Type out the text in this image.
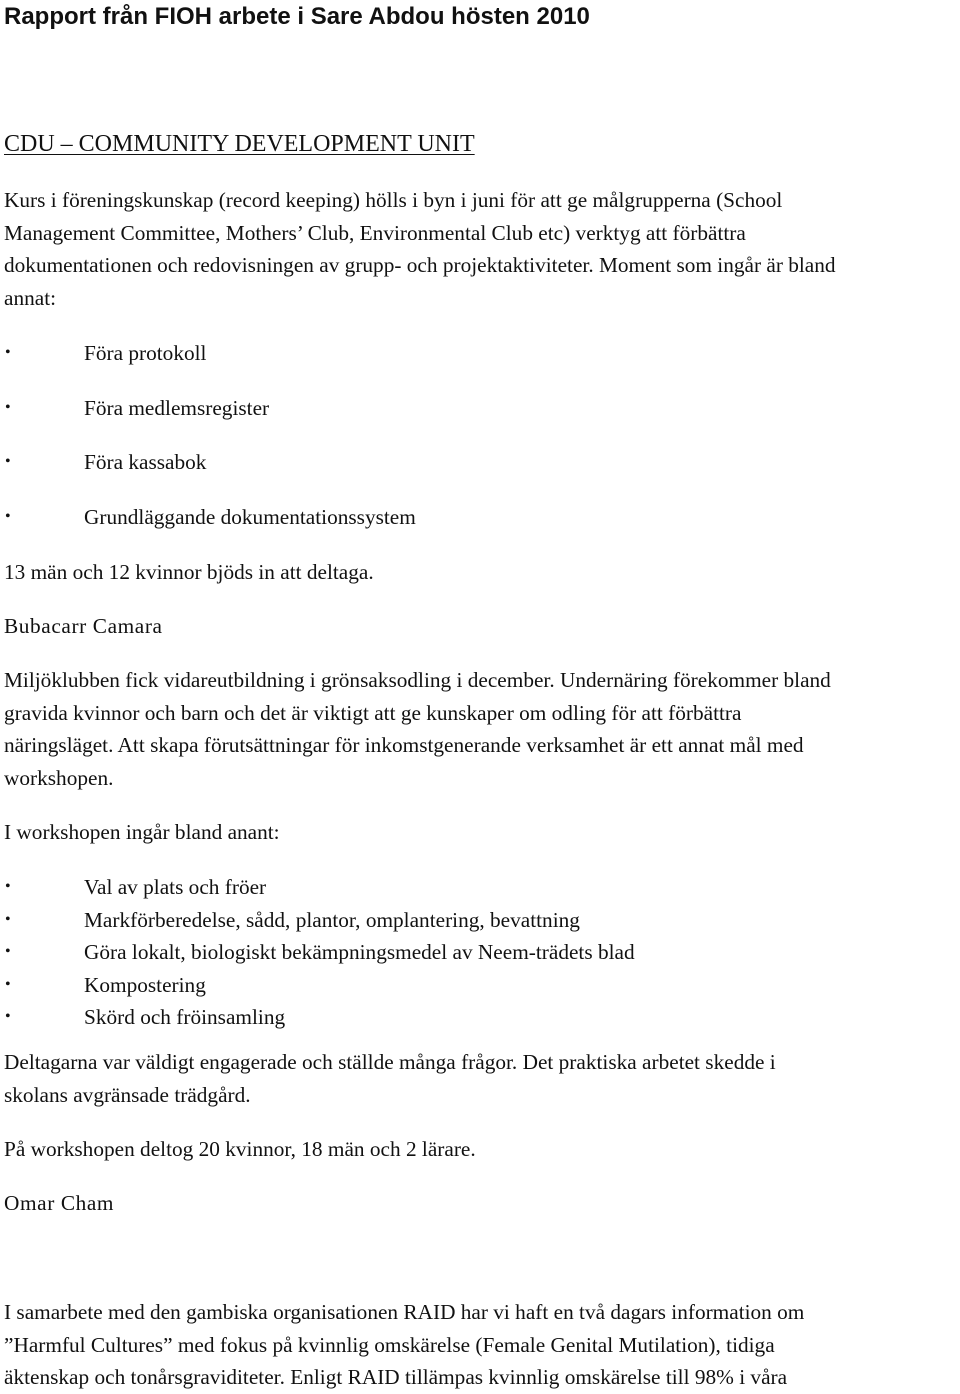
Rapport från FIOH arbete i Sare Abdou hösten 2010
CDU – COMMUNITY DEVELOPMENT UNIT

Kurs i föreningskunskap (record keeping) hölls i byn i juni för att ge målgrupperna (School
Management Committee, Mothers’ Club, Environmental Club etc) verktyg att förbättra
dokumentationen och redovisningen av grupp- och projektaktiviteter. Moment som ingår är bland
annat:

•	Föra protokoll
•	Föra medlemsregister
•	Föra kassabok
•	Grundläggande dokumentationssystem

13 män och 12 kvinnor bjöds in att deltaga.

Bubacarr Camara

Miljöklubben fick vidareutbildning i grönsaksodling i december. Undernäring förekommer bland
gravida kvinnor och barn och det är viktigt att ge kunskaper om odling för att förbättra
näringsläget. Att skapa förutsättningar för inkomstgenerande verksamhet är ett annat mål med
workshopen.

I workshopen ingår bland anant:

•	Val av plats och fröer
•	Markförberedelse, sådd, plantor, omplantering, bevattning
•	Göra lokalt, biologiskt bekämpningsmedel av Neem-trädets blad
•	Kompostering
•	Skörd och fröinsamling

Deltagarna var väldigt engagerade och ställde många frågor. Det praktiska arbetet skedde i
skolans avgränsade trädgård.

På workshopen deltog 20 kvinnor, 18 män och 2 lärare.

Omar Cham

I samarbete med den gambiska organisationen RAID har vi haft en två dagars information om
”Harmful Cultures” med fokus på kvinnlig omskärelse (Female Genital Mutilation), tidiga
äktenskap och tonårsgraviditeter. Enligt RAID tillämpas kvinnlig omskärelse till 98% i våra
